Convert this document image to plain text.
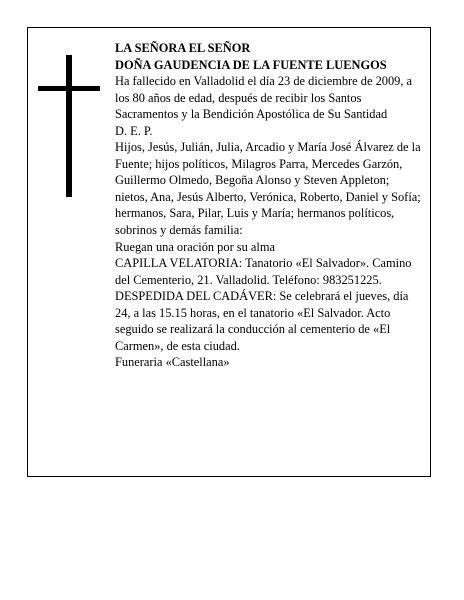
LA SEÑORA EL SEÑOR

DOÑA GAUDENCIA DE LA FUENTE LUENGOS

Ha fallecido en Valladolid el día 23 de diciembre de 2009, a los 80 años de edad, después de recibir los Santos Sacramentos y la Bendición Apostólica de Su Santidad

D. E. P.

Hijos, Jesús, Julián, Julia, Arcadio y María José Álvarez de la Fuente; hijos políticos, Milagros Parra, Mercedes Garzón, Guillermo Olmedo, Begoña Alonso y Steven Appleton; nietos, Ana, Jesús Alberto, Verónica, Roberto, Daniel y Sofía; hermanos, Sara, Pilar, Luis y María; hermanos políticos, sobrinos y demás familia:

Ruegan una oración por su alma

CAPILLA VELATORIA: Tanatorio «El Salvador». Camino del Cementerio, 21. Valladolid. Teléfono: 983251225.

DESPEDIDA DEL CADÁVER: Se celebrará el jueves, día 24, a las 15.15 horas, en el tanatorio «El Salvador. Acto seguido se realizará la conducción al cementerio de «El Carmen», de esta ciudad.

Funeraria «Castellana»
